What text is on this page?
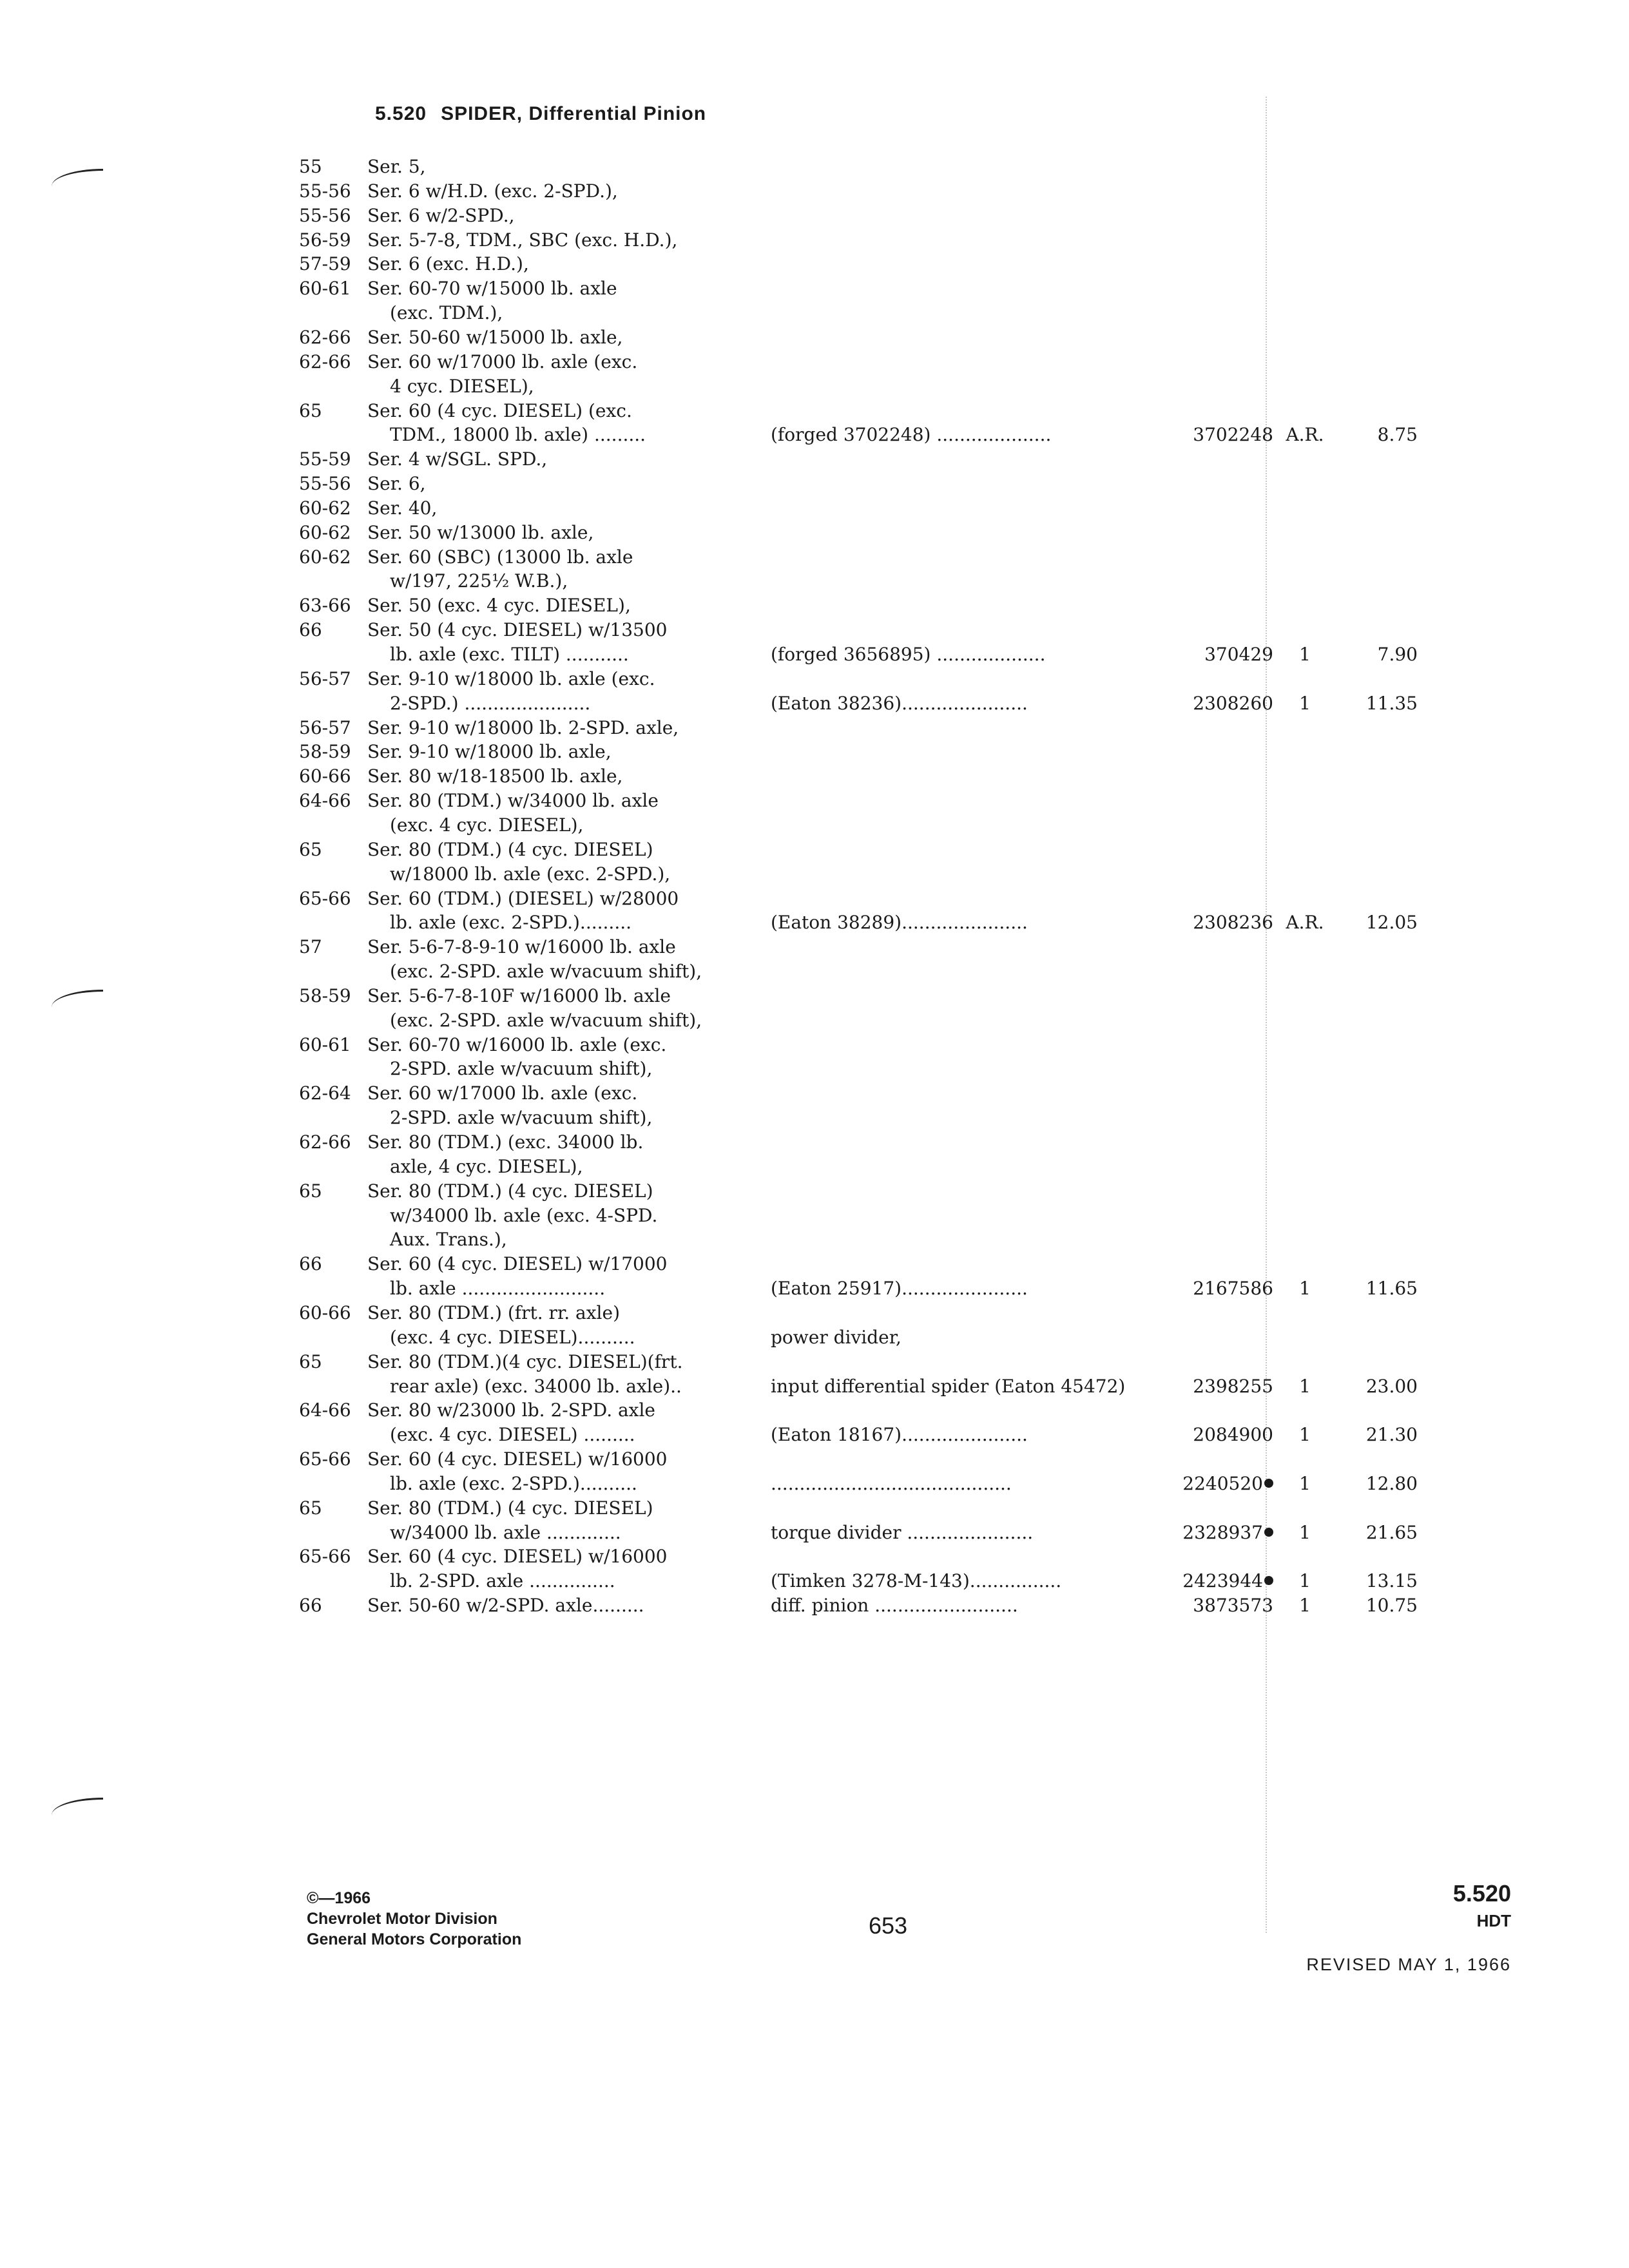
5.520 SPIDER, Differential Pinion
55	Ser. 5,
55-56 Ser. 6 w/H.D. (exc. 2-SPD.),
55-56 Ser. 6 w/2-SPD.,
56-59 Ser. 5-7-8, TDM., SBC (exc. H.D.),
57-59 Ser. 6 (exc. H.D.),
60-61 Ser. 60-70 w/15000 lb. axle
(exc. TDM.),
62-66 Ser. 50-60 w/15000 lb. axle,
62-66 Ser. 60 w/17000 lb. axle (exc.
4 cyc. DIESEL),
65	Ser. 60 (4 cyc. DIESEL) (exc.
TDM., 18000 lb. axle) .........	(forged 3702248) ....................	3702248 A.R.	8.75
55-59 Ser. 4 w/SGL. SPD.,
55-56 Ser. 6,
60-62 Ser. 40,
60-62 Ser. 50 w/13000 lb. axle,
60-62 Ser. 60 (SBC) (13000 lb. axle
w/197, 225½ W.B.),
63-66 Ser. 50 (exc. 4 cyc. DIESEL),
66	Ser. 50 (4 cyc. DIESEL) w/13500
lb. axle (exc. TILT) ...........	(forged 3656895) ...................	370429	1	7.90
56-57 Ser. 9-10 w/18000 lb. axle (exc.
2-SPD.) ......................	(Eaton 38236)......................	2308260	1	11.35
56-57 Ser. 9-10 w/18000 lb. 2-SPD. axle,
58-59 Ser. 9-10 w/18000 lb. axle,
60-66 Ser. 80 w/18-18500 lb. axle,
64-66 Ser. 80 (TDM.) w/34000 lb. axle
(exc. 4 cyc. DIESEL),
65	Ser. 80 (TDM.) (4 cyc. DIESEL)
w/18000 lb. axle (exc. 2-SPD.),
65-66 Ser. 60 (TDM.) (DIESEL) w/28000
lb. axle (exc. 2-SPD.).........	(Eaton 38289)......................	2308236 A.R.	12.05
57	Ser. 5-6-7-8-9-10 w/16000 lb. axle
(exc. 2-SPD. axle w/vacuum shift),
58-59 Ser. 5-6-7-8-10F w/16000 lb. axle
(exc. 2-SPD. axle w/vacuum shift),
60-61 Ser. 60-70 w/16000 lb. axle (exc.
2-SPD. axle w/vacuum shift),
62-64 Ser. 60 w/17000 lb. axle (exc.
2-SPD. axle w/vacuum shift),
62-66 Ser. 80 (TDM.) (exc. 34000 lb.
axle, 4 cyc. DIESEL),
65	Ser. 80 (TDM.) (4 cyc. DIESEL)
w/34000 lb. axle (exc. 4-SPD.
Aux. Trans.),
66	Ser. 60 (4 cyc. DIESEL) w/17000
lb. axle .........................	(Eaton 25917)......................	2167586	1	11.65
60-66 Ser. 80 (TDM.) (frt. rr. axle)
(exc. 4 cyc. DIESEL)..........	power divider,
65	Ser. 80 (TDM.)(4 cyc. DIESEL)(frt.
rear axle) (exc. 34000 lb. axle)..	input differential spider (Eaton 45472)	2398255	1	23.00
64-66 Ser. 80 w/23000 lb. 2-SPD. axle
(exc. 4 cyc. DIESEL) .........	(Eaton 18167)......................	2084900	1	21.30
65-66 Ser. 60 (4 cyc. DIESEL) w/16000
lb. axle (exc. 2-SPD.)..........	..........................................	2240520	1	12.80
65	Ser. 80 (TDM.) (4 cyc. DIESEL)
w/34000 lb. axle .............	torque divider ......................	2328937	1	21.65
65-66 Ser. 60 (4 cyc. DIESEL) w/16000
lb. 2-SPD. axle ...............	(Timken 3278-M-143)................	2423944	1	13.15
66	Ser. 50-60 w/2-SPD. axle.........	diff. pinion .........................	3873573	1	10.75
©—1966
Chevrolet Motor Division
General Motors Corporation
653
5.520
HDT
REVISED MAY 1, 1966
